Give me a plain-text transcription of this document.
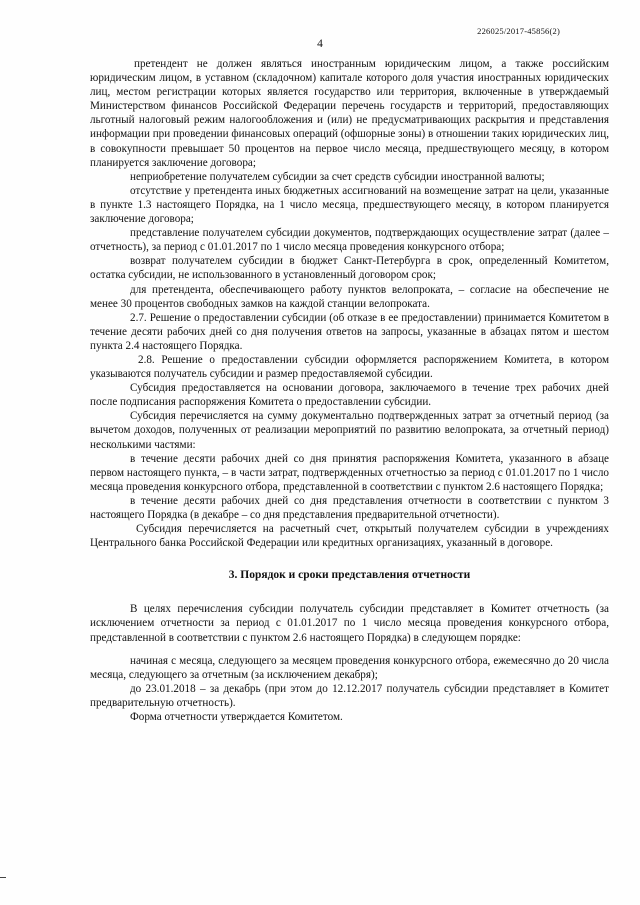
226025/2017-45856(2)
4

претендент не должен являться иностранным юридическим лицом, а также российским юридическим лицом, в уставном (складочном) капитале которого доля участия иностранных юридических лиц, местом регистрации которых является государство или территория, включенные в утверждаемый Министерством финансов Российской Федерации перечень государств и территорий, предоставляющих льготный налоговый режим налогообложения и (или) не предусматривающих раскрытия и представления информации при проведении финансовых операций (офшорные зоны) в отношении таких юридических лиц, в совокупности превышает 50 процентов на первое число месяца, предшествующего месяцу, в котором планируется заключение договора;

неприобретение получателем субсидии за счет средств субсидии иностранной валюты;

отсутствие у претендента иных бюджетных ассигнований на возмещение затрат на цели, указанные в пункте 1.3 настоящего Порядка, на 1 число месяца, предшествующего месяцу, в котором планируется заключение договора;

представление получателем субсидии документов, подтверждающих осуществление затрат (далее – отчетность), за период с 01.01.2017 по 1 число месяца проведения конкурсного отбора;

возврат получателем субсидии в бюджет Санкт-Петербурга в срок, определенный Комитетом, остатка субсидии, не использованного в установленный договором срок;

для претендента, обеспечивающего работу пунктов велопроката, – согласие на обеспечение не менее 30 процентов свободных замков на каждой станции велопроката.

2.7. Решение о предоставлении субсидии (об отказе в ее предоставлении) принимается Комитетом в течение десяти рабочих дней со дня получения ответов на запросы, указанные в абзацах пятом и шестом пункта 2.4 настоящего Порядка.

2.8. Решение о предоставлении субсидии оформляется распоряжением Комитета, в котором указываются получатель субсидии и размер предоставляемой субсидии.

Субсидия предоставляется на основании договора, заключаемого в течение трех рабочих дней после подписания распоряжения Комитета о предоставлении субсидии.

Субсидия перечисляется на сумму документально подтвержденных затрат за отчетный период (за вычетом доходов, полученных от реализации мероприятий по развитию велопроката, за отчетный период) несколькими частями:

в течение десяти рабочих дней со дня принятия распоряжения Комитета, указанного в абзаце первом настоящего пункта, – в части затрат, подтвержденных отчетностью за период с 01.01.2017 по 1 число месяца проведения конкурсного отбора, представленной в соответствии с пунктом 2.6 настоящего Порядка;

в течение десяти рабочих дней со дня представления отчетности в соответствии с пунктом 3 настоящего Порядка (в декабре – со дня представления предварительной отчетности).

Субсидия перечисляется на расчетный счет, открытый получателем субсидии в учреждениях Центрального банка Российской Федерации или кредитных организациях, указанный в договоре.

3. Порядок и сроки представления отчетности

В целях перечисления субсидии получатель субсидии представляет в Комитет отчетность (за исключением отчетности за период с 01.01.2017 по 1 число месяца проведения конкурсного отбора, представленной в соответствии с пунктом 2.6 настоящего Порядка) в следующем порядке:

начиная с месяца, следующего за месяцем проведения конкурсного отбора, ежемесячно до 20 числа месяца, следующего за отчетным (за исключением декабря);

до 23.01.2018 – за декабрь (при этом до 12.12.2017 получатель субсидии представляет в Комитет предварительную отчетность).

Форма отчетности утверждается Комитетом.
